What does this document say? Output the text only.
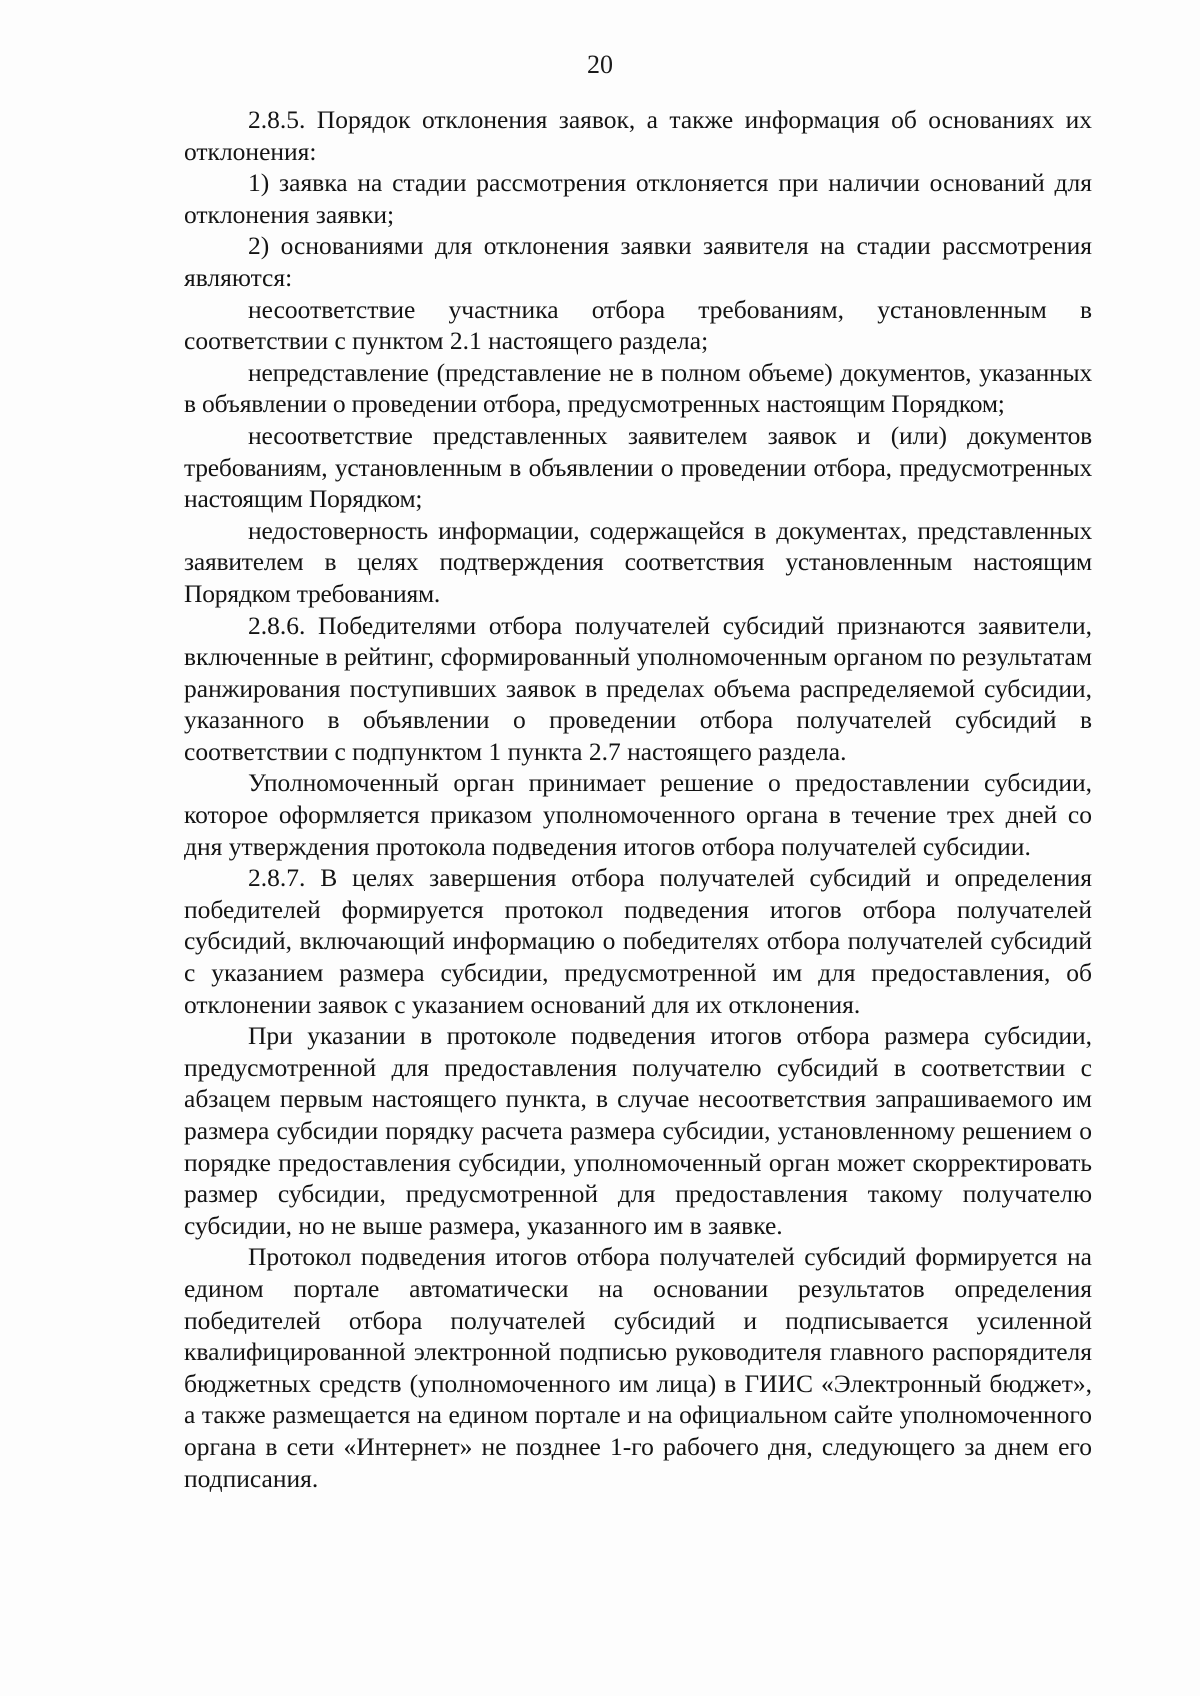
20

2.8.5. Порядок отклонения заявок, а также информация об основаниях их отклонения:

1) заявка на стадии рассмотрения отклоняется при наличии оснований для отклонения заявки;

2) основаниями для отклонения заявки заявителя на стадии рассмотрения являются:

несоответствие участника отбора требованиям, установленным в соответствии с пунктом 2.1 настоящего раздела;

непредставление (представление не в полном объеме) документов, указанных в объявлении о проведении отбора, предусмотренных настоящим Порядком;

несоответствие представленных заявителем заявок и (или) документов требованиям, установленным в объявлении о проведении отбора, предусмотренных настоящим Порядком;

недостоверность информации, содержащейся в документах, представленных заявителем в целях подтверждения соответствия установленным настоящим Порядком требованиям.

2.8.6. Победителями отбора получателей субсидий признаются заявители, включенные в рейтинг, сформированный уполномоченным органом по результатам ранжирования поступивших заявок в пределах объема распределяемой субсидии, указанного в объявлении о проведении отбора получателей субсидий в соответствии с подпунктом 1 пункта 2.7 настоящего раздела.

Уполномоченный орган принимает решение о предоставлении субсидии, которое оформляется приказом уполномоченного органа в течение трех дней со дня утверждения протокола подведения итогов отбора получателей субсидии.

2.8.7. В целях завершения отбора получателей субсидий и определения победителей формируется протокол подведения итогов отбора получателей субсидий, включающий информацию о победителях отбора получателей субсидий с указанием размера субсидии, предусмотренной им для предоставления, об отклонении заявок с указанием оснований для их отклонения.

При указании в протоколе подведения итогов отбора размера субсидии, предусмотренной для предоставления получателю субсидий в соответствии с абзацем первым настоящего пункта, в случае несоответствия запрашиваемого им размера субсидии порядку расчета размера субсидии, установленному решением о порядке предоставления субсидии, уполномоченный орган может скорректировать размер субсидии, предусмотренной для предоставления такому получателю субсидии, но не выше размера, указанного им в заявке.

Протокол подведения итогов отбора получателей субсидий формируется на едином портале автоматически на основании результатов определения победителей отбора получателей субсидий и подписывается усиленной квалифицированной электронной подписью руководителя главного распорядителя бюджетных средств (уполномоченного им лица) в ГИИС «Электронный бюджет», а также размещается на едином портале и на официальном сайте уполномоченного органа в сети «Интернет» не позднее 1-го рабочего дня, следующего за днем его подписания.
